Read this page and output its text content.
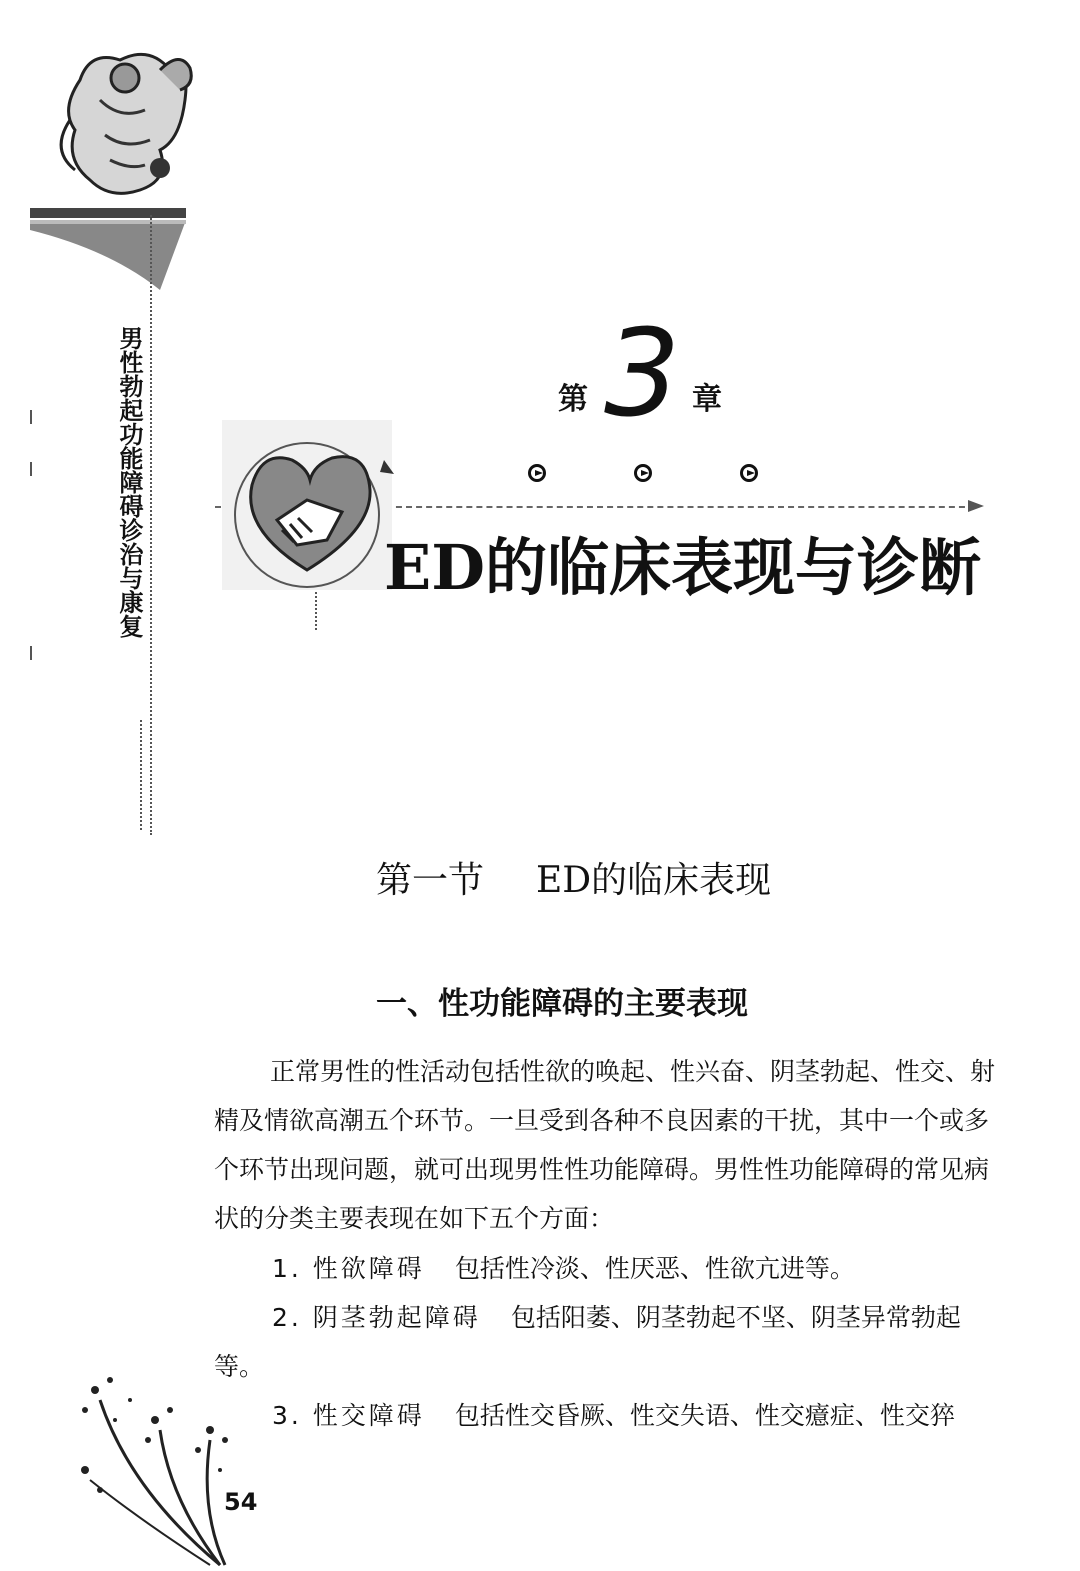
男性勃起功能障碍诊治与康复	第 3 章
ED的临床表现与诊断
第一节 ED的临床表现
一、性功能障碍的主要表现
正常男性的性活动包括性欲的唤起、性兴奋、阴茎勃起、性交、射精及情欲高潮五个环节。一旦受到各种不良因素的干扰，其中一个或多个环节出现问题，就可出现男性性功能障碍。男性性功能障碍的常见病状的分类主要表现在如下五个方面：
1. 性欲障碍 包括性冷淡、性厌恶、性欲亢进等。
2. 阴茎勃起障碍 包括阳萎、阴茎勃起不坚、阴茎异常勃起等。
3. 性交障碍 包括性交昏厥、性交失语、性交癔症、性交猝
54
